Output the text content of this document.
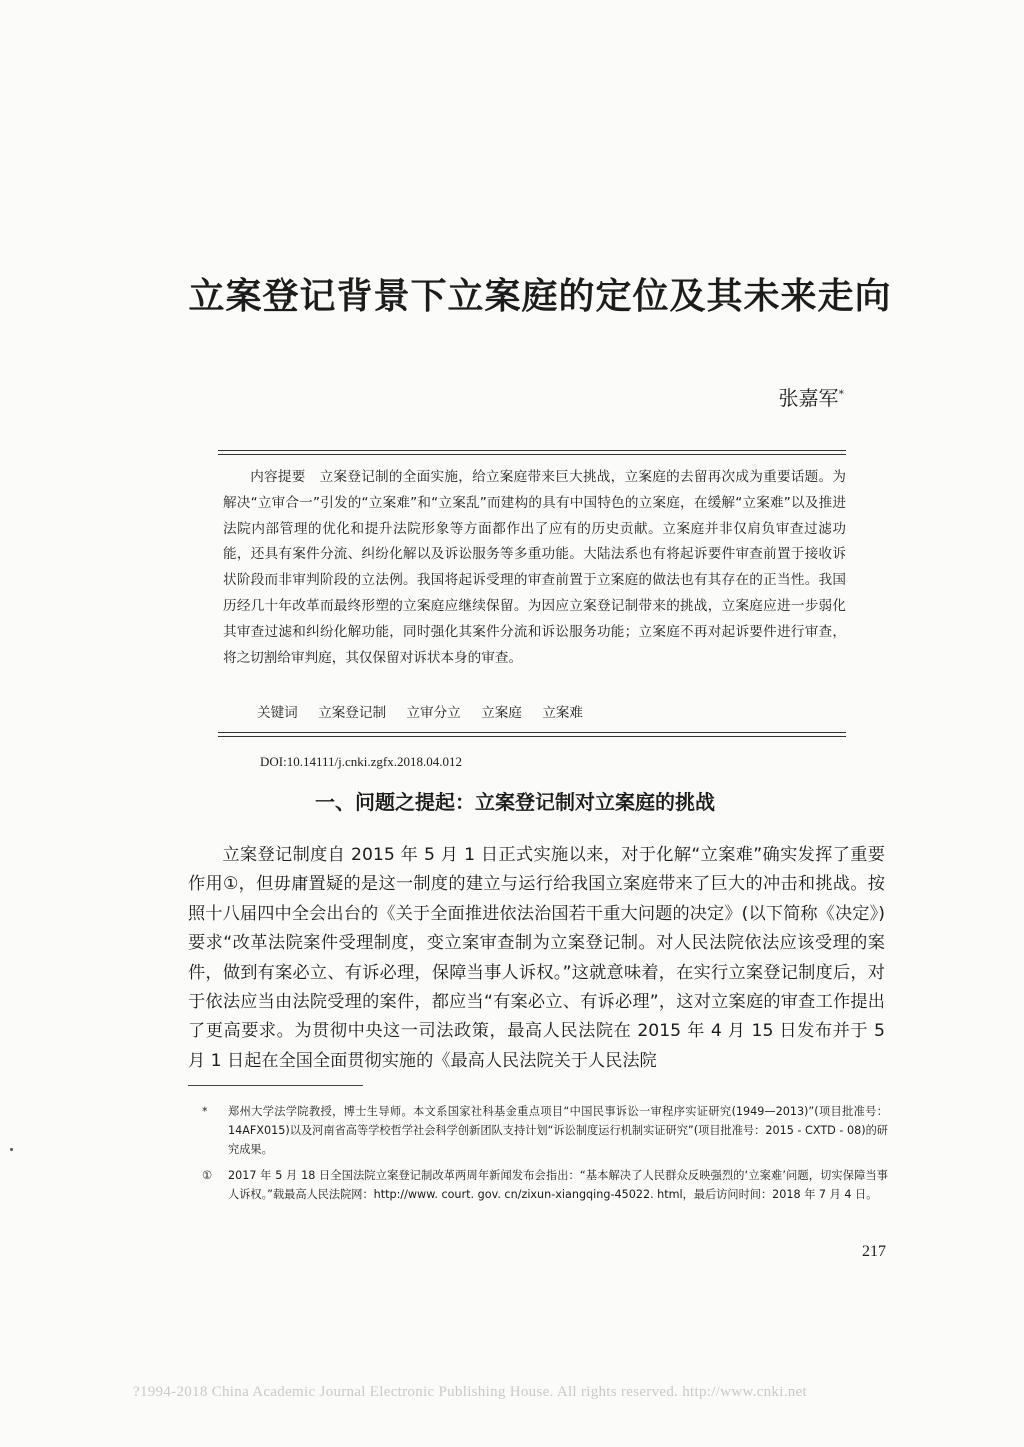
立案登记背景下立案庭的定位及其未来走向
张嘉军*
内容提要 立案登记制的全面实施，给立案庭带来巨大挑战，立案庭的去留再次成为重要话题。为解决“立审合一”引发的“立案难”和“立案乱”而建构的具有中国特色的立案庭，在缓解“立案难”以及推进法院内部管理的优化和提升法院形象等方面都作出了应有的历史贡献。立案庭并非仅肩负审查过滤功能，还具有案件分流、纠纷化解以及诉讼服务等多重功能。大陆法系也有将起诉要件审查前置于接收诉状阶段而非审判阶段的立法例。我国将起诉受理的审查前置于立案庭的做法也有其存在的正当性。我国历经几十年改革而最终形塑的立案庭应继续保留。为因应立案登记制带来的挑战，立案庭应进一步弱化其审查过滤和纠纷化解功能，同时强化其案件分流和诉讼服务功能；立案庭不再对起诉要件进行审查，将之切割给审判庭，其仅保留对诉状本身的审查。
关键词 立案登记制 立审分立 立案庭 立案难
DOI:10.14111/j.cnki.zgfx.2018.04.012
一、问题之提起：立案登记制对立案庭的挑战
立案登记制度自 2015 年 5 月 1 日正式实施以来，对于化解“立案难”确实发挥了重要作用①，但毋庸置疑的是这一制度的建立与运行给我国立案庭带来了巨大的冲击和挑战。按照十八届四中全会出台的《关于全面推进依法治国若干重大问题的决定》(以下简称《决定》)要求“改革法院案件受理制度，变立案审查制为立案登记制。对人民法院依法应该受理的案件，做到有案必立、有诉必理，保障当事人诉权。”这就意味着，在实行立案登记制度后，对于依法应当由法院受理的案件，都应当“有案必立、有诉必理”，这对立案庭的审查工作提出了更高要求。为贯彻中央这一司法政策，最高人民法院在 2015 年 4 月 15 日发布并于 5 月 1 日起在全国全面贯彻实施的《最高人民法院关于人民法院
* 郑州大学法学院教授，博士生导师。本文系国家社科基金重点项目“中国民事诉讼一审程序实证研究(1949—2013)”(项目批准号：14AFX015)以及河南省高等学校哲学社会科学创新团队支持计划“诉讼制度运行机制实证研究”(项目批准号：2015 - CXTD - 08)的研究成果。
① 2017 年 5 月 18 日全国法院立案登记制改革两周年新闻发布会指出：“基本解决了人民群众反映强烈的‘立案难’问题，切实保障当事人诉权。”载最高人民法院网：http://www. court. gov. cn/zixun-xiangqing-45022. html，最后访问时间：2018 年 7 月 4 日。
217
?1994-2018 China Academic Journal Electronic Publishing House. All rights reserved. http://www.cnki.net
